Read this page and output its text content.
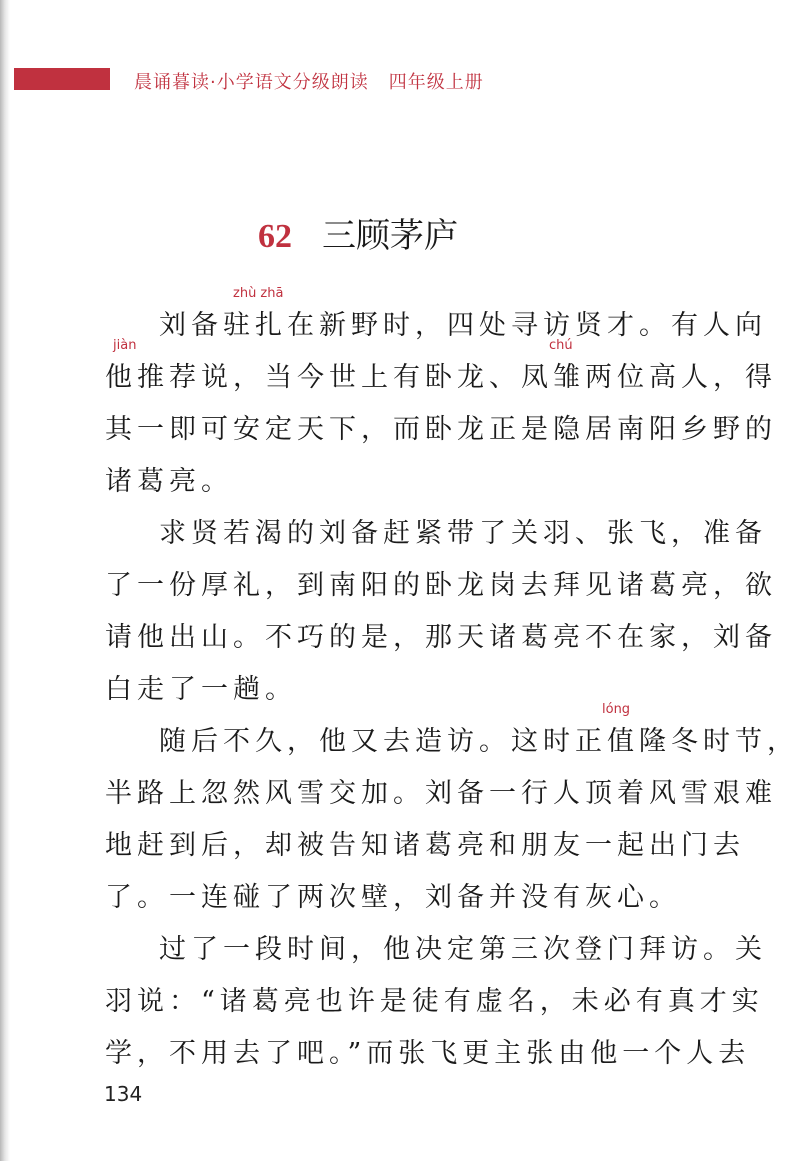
晨诵暮读·小学语文分级朗读 四年级上册
62 三顾茅庐
zhù zhā
jiàn	chú
lóng
刘备驻扎在新野时，四处寻访贤才。有人向
他推荐说，当今世上有卧龙、凤雏两位高人，得
其一即可安定天下，而卧龙正是隐居南阳乡野的
诸葛亮。
求贤若渴的刘备赶紧带了关羽、张飞，准备
了一份厚礼，到南阳的卧龙岗去拜见诸葛亮，欲
请他出山。不巧的是，那天诸葛亮不在家，刘备
白走了一趟。
随后不久，他又去造访。这时正值隆冬时节，
半路上忽然风雪交加。刘备一行人顶着风雪艰难
地赶到后，却被告知诸葛亮和朋友一起出门去
了。一连碰了两次壁，刘备并没有灰心。
过了一段时间，他决定第三次登门拜访。关
羽说：“诸葛亮也许是徒有虚名，未必有真才实
学，不用去了吧。”而张飞更主张由他一个人去
134
